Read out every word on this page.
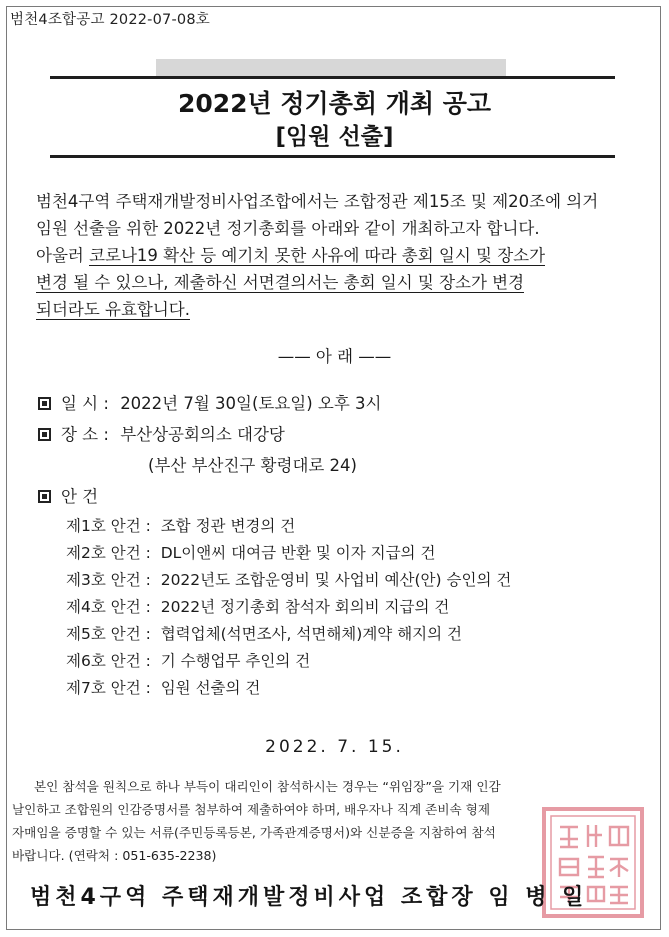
범천4조합공고 2022-07-08호
2022년 정기총회 개최 공고
[임원 선출]
범천4구역 주택재개발정비사업조합에서는 조합정관 제15조 및 제20조에 의거
임원 선출을 위한 2022년 정기총회를 아래와 같이 개최하고자 합니다.
아울러 코로나19 확산 등 예기치 못한 사유에 따라 총회 일시 및 장소가
변경 될 수 있으나, 제출하신 서면결의서는 총회 일시 및 장소가 변경
되더라도 유효합니다.
—— 아 래 ——
일 시 : 2022년 7월 30일(토요일) 오후 3시
장 소 : 부산상공회의소 대강당
(부산 부산진구 황령대로 24)
안 건
제1호 안건 : 조합 정관 변경의 건
제2호 안건 : DL이앤씨 대여금 반환 및 이자 지급의 건
제3호 안건 : 2022년도 조합운영비 및 사업비 예산(안) 승인의 건
제4호 안건 : 2022년 정기총회 참석자 회의비 지급의 건
제5호 안건 : 협력업체(석면조사, 석면해체)계약 해지의 건
제6호 안건 : 기 수행업무 추인의 건
제7호 안건 : 임원 선출의 건
2022. 7. 15.
본인 참석을 원칙으로 하나 부득이 대리인이 참석하시는 경우는 “위임장”을 기재 인감
날인하고 조합원의 인감증명서를 첨부하여 제출하여야 하며, 배우자나 직계 존비속 형제
자매임을 증명할 수 있는 서류(주민등록등본, 가족관계증명서)와 신분증을 지참하여 참석
바랍니다. (연락처 : 051-635-2238)
범천4구역 주택재개발정비사업 조합장 임 병 일
